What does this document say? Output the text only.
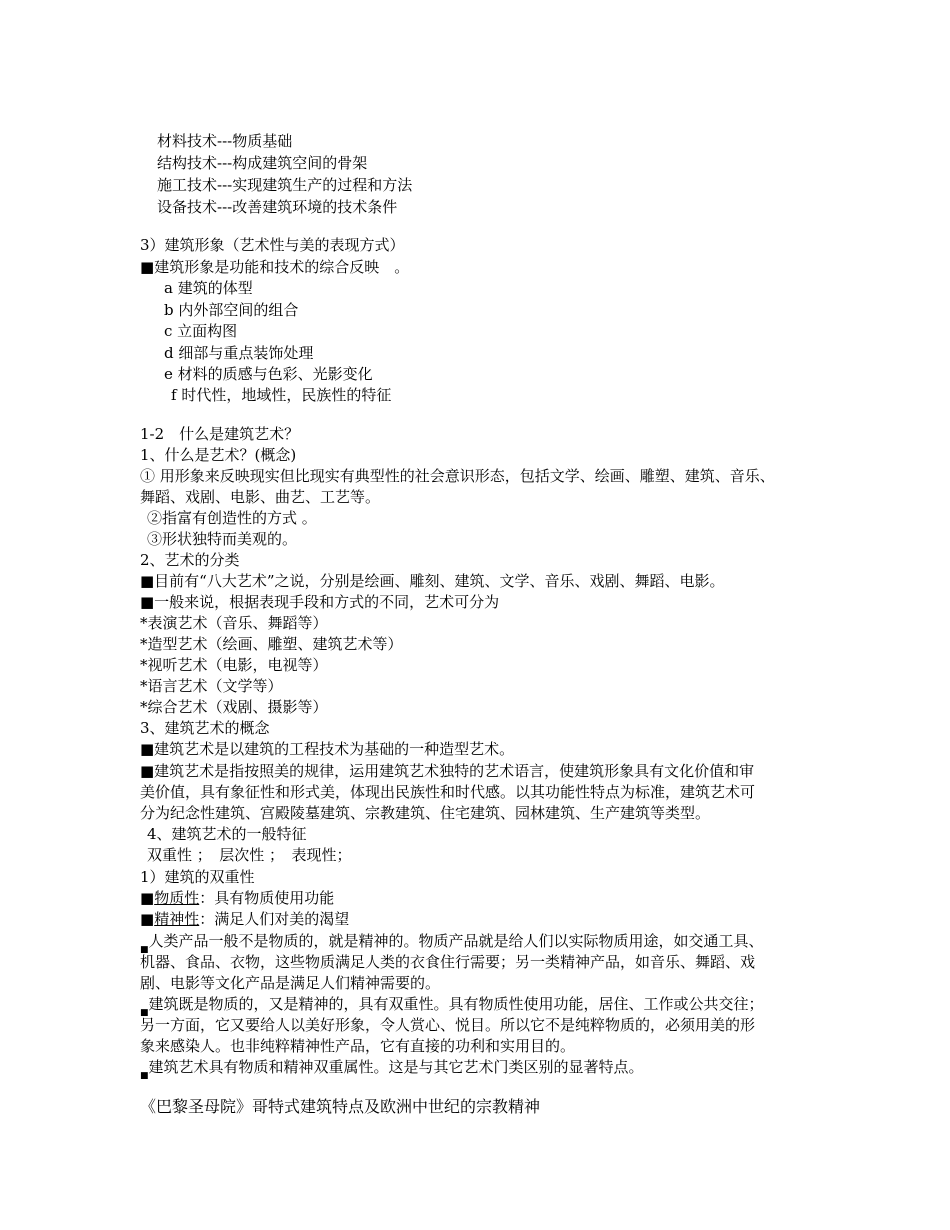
材料技术---物质基础
结构技术---构成建筑空间的骨架
施工技术---实现建筑生产的过程和方法
设备技术---改善建筑环境的技术条件
3）建筑形象（艺术性与美的表现方式）
■建筑形象是功能和技术的综合反映　。
a 建筑的体型
b 内外部空间的组合
c 立面构图
d 细部与重点装饰处理
e 材料的质感与色彩、光影变化
f 时代性，地域性，民族性的特征
1-2　什么是建筑艺术？
1、什么是艺术？(概念)
① 用形象来反映现实但比现实有典型性的社会意识形态，包括文学、绘画、雕塑、建筑、音乐、
舞蹈、戏剧、电影、曲艺、工艺等。
②指富有创造性的方式 。
③形状独特而美观的。
2、艺术的分类
■目前有“八大艺术”之说，分别是绘画、雕刻、建筑、文学、音乐、戏剧、舞蹈、电影。
■一般来说，根据表现手段和方式的不同，艺术可分为
*表演艺术（音乐、舞蹈等）
*造型艺术（绘画、雕塑、建筑艺术等）
*视听艺术（电影，电视等）
*语言艺术（文学等）
*综合艺术（戏剧、摄影等）
3、建筑艺术的概念
■建筑艺术是以建筑的工程技术为基础的一种造型艺术。
■建筑艺术是指按照美的规律，运用建筑艺术独特的艺术语言，使建筑形象具有文化价值和审
美价值，具有象征性和形式美，体现出民族性和时代感。以其功能性特点为标准，建筑艺术可
分为纪念性建筑、宫殿陵墓建筑、宗教建筑、住宅建筑、园林建筑、生产建筑等类型。
4、建筑艺术的一般特征
双重性 ；　层次性 ；　表现性；
1）建筑的双重性
■物质性：具有物质使用功能
■精神性：满足人们对美的渴望
$_■$人类产品一般不是物质的，就是精神的。物质产品就是给人们以实际物质用途，如交通工具、
机器、食品、衣物，这些物质满足人类的衣食住行需要；另一类精神产品，如音乐、舞蹈、戏
剧、电影等文化产品是满足人们精神需要的。
$_■$建筑既是物质的，又是精神的，具有双重性。具有物质性使用功能，居住、工作或公共交往；
另一方面，它又要给人以美好形象，令人赏心、悦目。所以它不是纯粹物质的，必须用美的形
象来感染人。也非纯粹精神性产品，它有直接的功利和实用目的。
$_■$建筑艺术具有物质和精神双重属性。这是与其它艺术门类区别的显著特点。
《巴黎圣母院》哥特式建筑特点及欧洲中世纪的宗教精神
